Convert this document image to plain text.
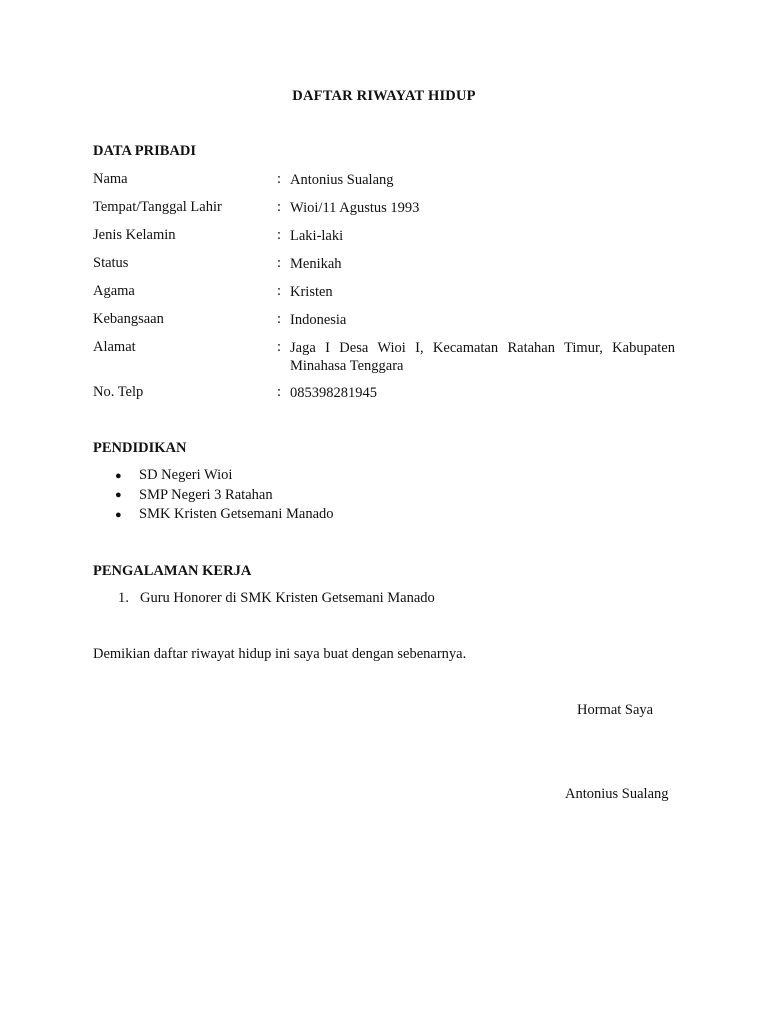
DAFTAR RIWAYAT HIDUP
DATA PRIBADI
Nama	: Antonius Sualang
Tempat/Tanggal Lahir	: Wioi/11 Agustus 1993
Jenis Kelamin	: Laki-laki
Status	: Menikah
Agama	: Kristen
Kebangsaan	: Indonesia
Alamat	: Jaga I Desa Wioi I, Kecamatan Ratahan Timur, Kabupaten
Minahasa Tenggara
No. Telp	: 085398281945
PENDIDIKAN
●	SD Negeri Wioi
●	SMP Negeri 3 Ratahan
●	SMK Kristen Getsemani Manado
PENGALAMAN KERJA
1. Guru Honorer di SMK Kristen Getsemani Manado
Demikian daftar riwayat hidup ini saya buat dengan sebenarnya.
Hormat Saya
Antonius Sualang
